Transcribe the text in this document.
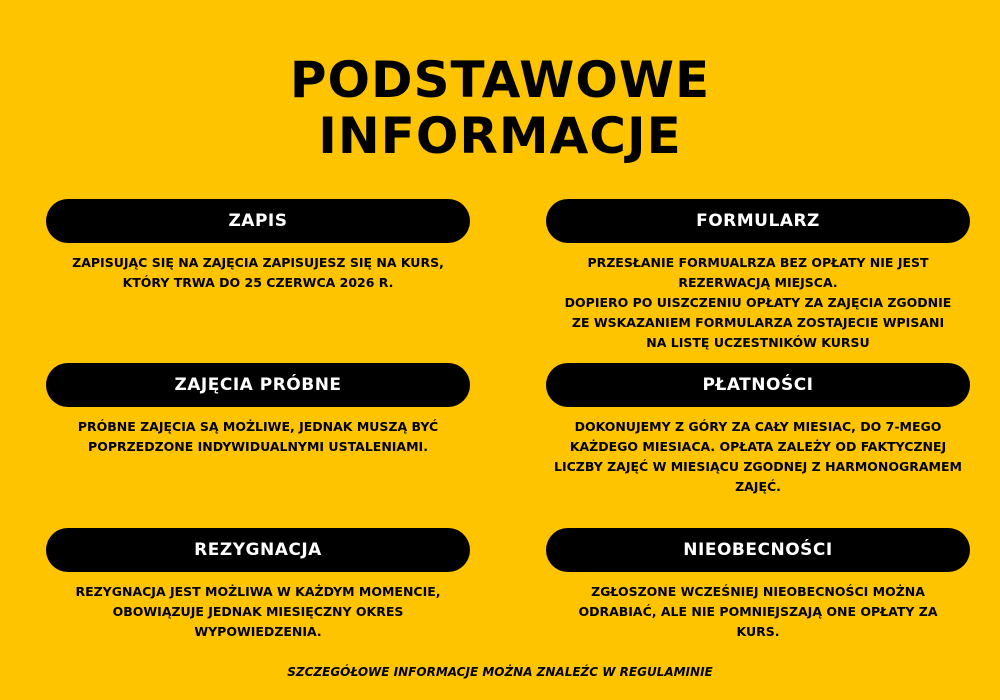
PODSTAWOWE
INFORMACJE
ZAPIS
ZAPISUJĄC SIĘ NA ZAJĘCIA ZAPISUJESZ SIĘ NA KURS,
KTÓRY TRWA DO 25 CZERWCA 2026 R.
ZAJĘCIA PRÓBNE
PRÓBNE ZAJĘCIA SĄ MOŻLIWE, JEDNAK MUSZĄ BYĆ
POPRZEDZONE INDYWIDUALNYMI USTALENIAMI.
REZYGNACJA
REZYGNACJA JEST MOŻLIWA W KAŻDYM MOMENCIE,
OBOWIĄZUJE JEDNAK MIESIĘCZNY OKRES
WYPOWIEDZENIA.
FORMULARZ
PRZESŁANIE FORMUALRZA BEZ OPŁATY NIE JEST
REZERWACJĄ MIEJSCA.
DOPIERO PO UISZCZENIU OPŁATY ZA ZAJĘCIA ZGODNIE
ZE WSKAZANIEM FORMULARZA ZOSTAJECIE WPISANI
NA LISTĘ UCZESTNIKÓW KURSU
PŁATNOŚCI
DOKONUJEMY Z GÓRY ZA CAŁY MIESIAC, DO 7-MEGO
KAŻDEGO MIESIACA. OPŁATA ZALEŻY OD FAKTYCZNEJ
LICZBY ZAJĘĆ W MIESIĄCU ZGODNEJ Z HARMONOGRAMEM
ZAJĘĆ.
NIEOBECNOŚCI
ZGŁOSZONE WCZEŚNIEJ NIEOBECNOŚCI MOŻNA
ODRABIAĆ, ALE NIE POMNIEJSZAJĄ ONE OPŁATY ZA
KURS.
SZCZEGÓŁOWE INFORMACJE MOŻNA ZNALEŹC W REGULAMINIE
